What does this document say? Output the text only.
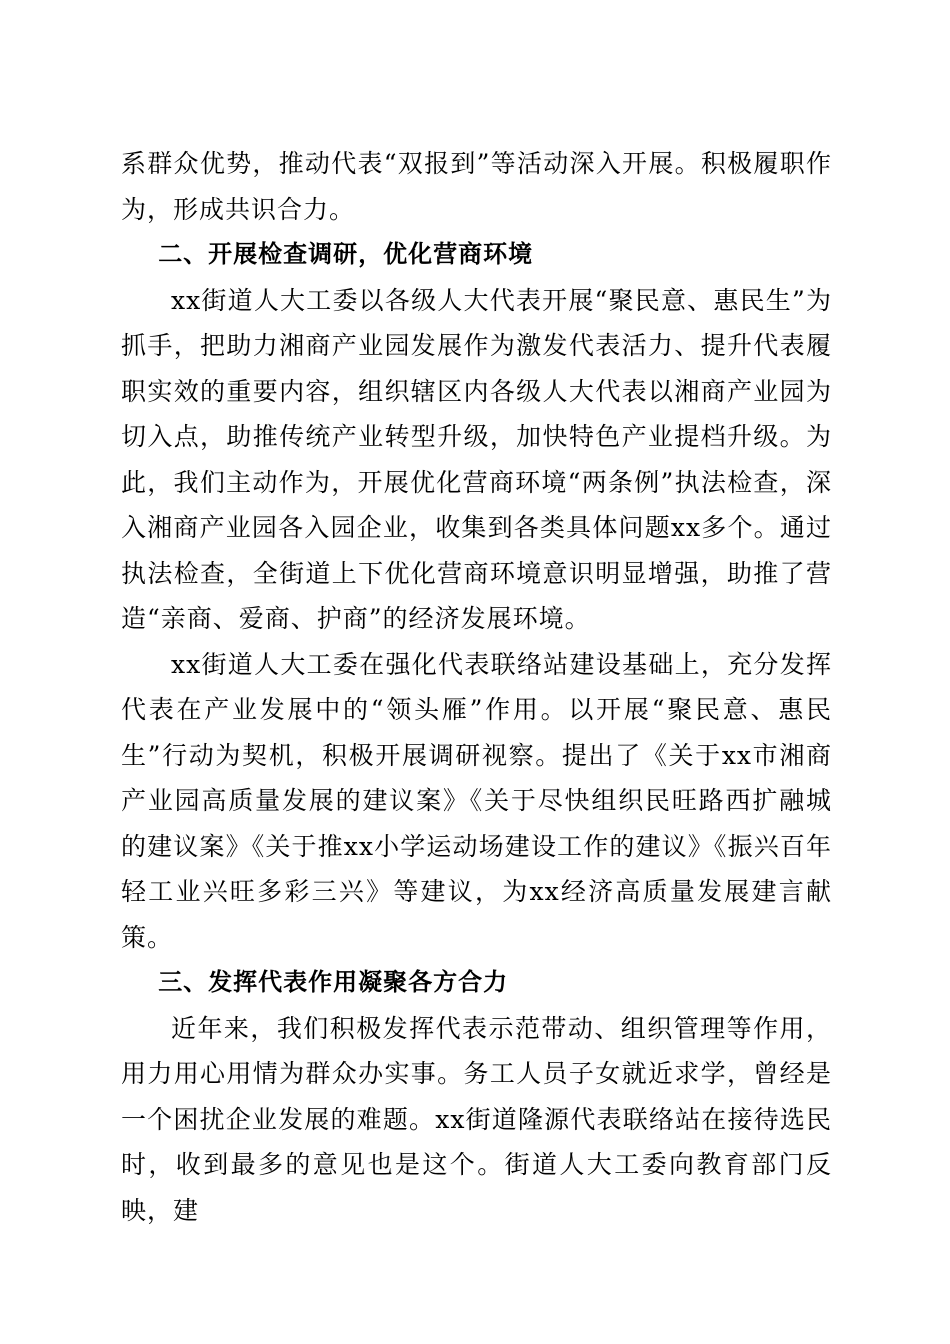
系群众优势，推动代表“双报到”等活动深入开展。积极履职作为，形成共识合力。

二、开展检查调研，优化营商环境

xx街道人大工委以各级人大代表开展“聚民意、惠民生”为抓手，把助力湘商产业园发展作为激发代表活力、提升代表履职实效的重要内容，组织辖区内各级人大代表以湘商产业园为切入点，助推传统产业转型升级，加快特色产业提档升级。为此，我们主动作为，开展优化营商环境“两条例”执法检查，深入湘商产业园各入园企业，收集到各类具体问题xx多个。通过执法检查，全街道上下优化营商环境意识明显增强，助推了营造“亲商、爱商、护商”的经济发展环境。

xx街道人大工委在强化代表联络站建设基础上，充分发挥代表在产业发展中的“领头雁”作用。以开展“聚民意、惠民生”行动为契机，积极开展调研视察。提出了《关于xx市湘商产业园高质量发展的建议案》《关于尽快组织民旺路西扩融城的建议案》《关于推xx小学运动场建设工作的建议》《振兴百年轻工业兴旺多彩三兴》等建议，为xx经济高质量发展建言献策。

三、发挥代表作用凝聚各方合力

近年来，我们积极发挥代表示范带动、组织管理等作用，用力用心用情为群众办实事。务工人员子女就近求学，曾经是一个困扰企业发展的难题。xx街道隆源代表联络站在接待选民时，收到最多的意见也是这个。街道人大工委向教育部门反映，建
